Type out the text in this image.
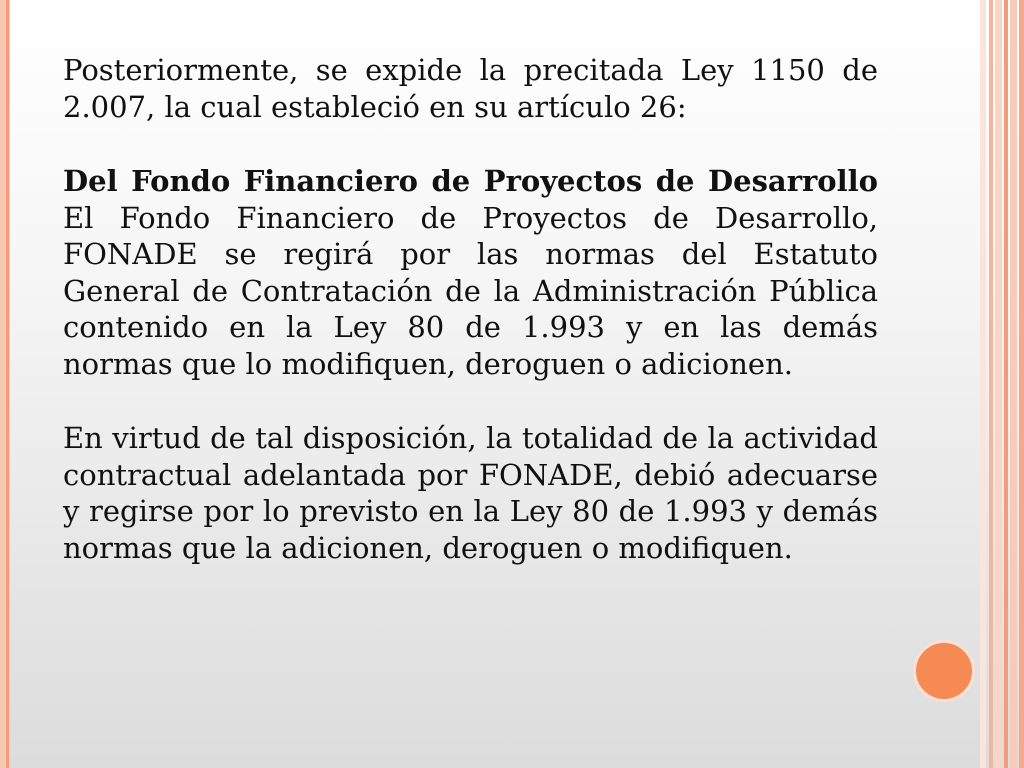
Posteriormente, se expide la precitada Ley 1150 de 2.007, la cual estableció en su artículo 26:

Del Fondo Financiero de Proyectos de Desarrollo El Fondo Financiero de Proyectos de Desarrollo, FONADE se regirá por las normas del Estatuto General de Contratación de la Administración Pública contenido en la Ley 80 de 1.993 y en las demás normas que lo modifiquen, deroguen o adicionen.

En virtud de tal disposición, la totalidad de la actividad contractual adelantada por FONADE, debió adecuarse y regirse por lo previsto en la Ley 80 de 1.993 y demás normas que la adicionen, deroguen o modifiquen.
